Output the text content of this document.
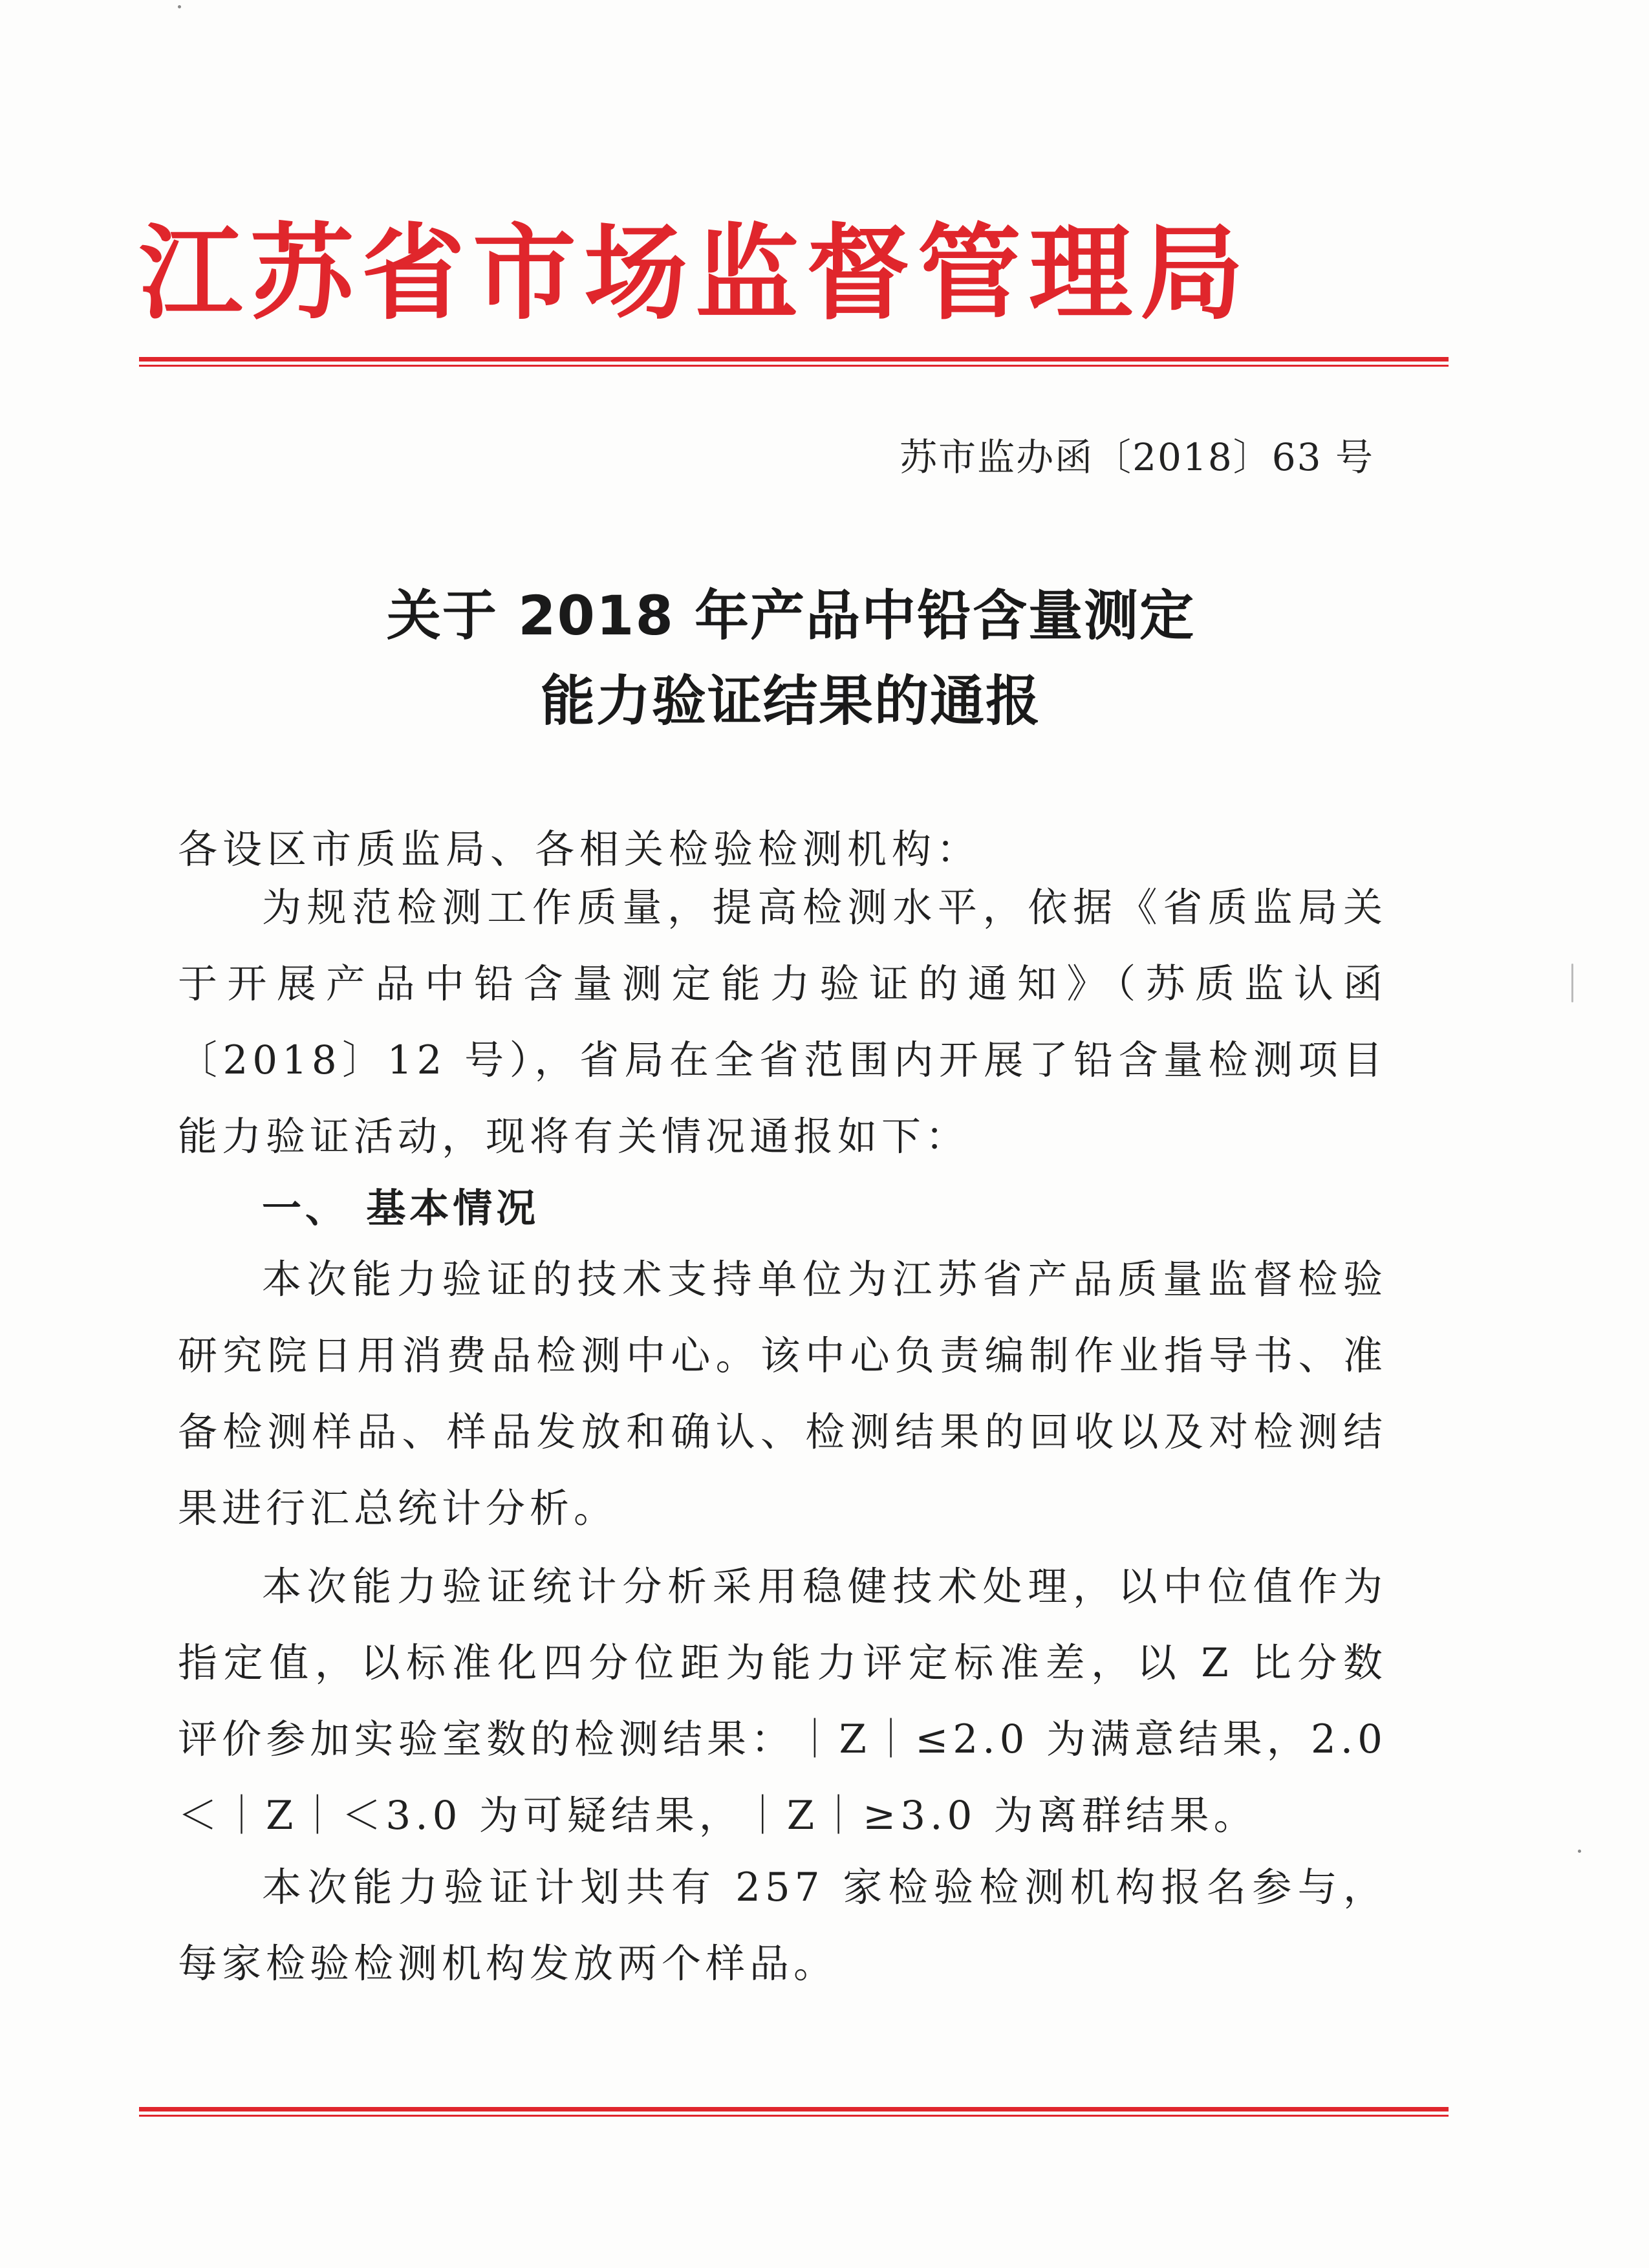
江苏省市场监督管理局
苏市监办函〔2018〕63 号
关于 2018 年产品中铅含量测定
能力验证结果的通报
各设区市质监局、各相关检验检测机构：
为规范检测工作质量，提高检测水平，依据《省质监局关于开展产品中铅含量测定能力验证的通知》（苏质监认函〔2018〕12 号），省局在全省范围内开展了铅含量检测项目能力验证活动，现将有关情况通报如下：
一、 基本情况
本次能力验证的技术支持单位为江苏省产品质量监督检验研究院日用消费品检测中心。该中心负责编制作业指导书、准备检测样品、样品发放和确认、检测结果的回收以及对检测结果进行汇总统计分析。
本次能力验证统计分析采用稳健技术处理，以中位值作为指定值，以标准化四分位距为能力评定标准差，以 Z 比分数评价参加实验室数的检测结果：｜Z｜≤2.0 为满意结果，2.0＜｜Z｜＜3.0 为可疑结果，｜Z｜≥3.0 为离群结果。
本次能力验证计划共有 257 家检验检测机构报名参与，每家检验检测机构发放两个样品。
